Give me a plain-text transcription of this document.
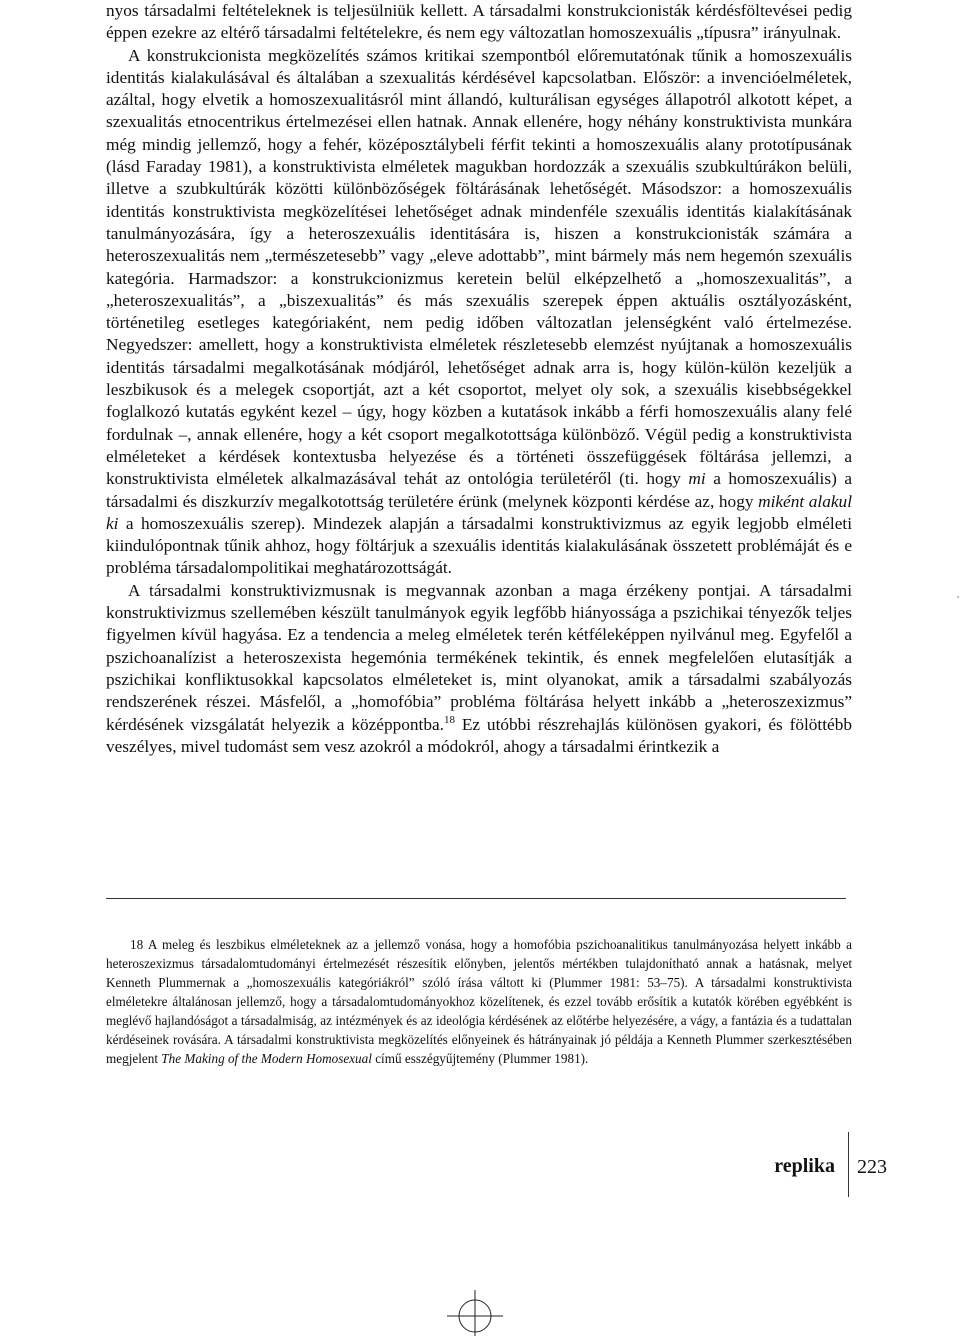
nyos társadalmi feltételeknek is teljesülniük kellett. A társadalmi konstrukcionisták kérdésföltevései pedig éppen ezekre az eltérő társadalmi feltételekre, és nem egy változatlan homoszexuális „típusra” irányulnak.

A konstrukcionista megközelítés számos kritikai szempontból előremutatónak tűnik a homoszexuális identitás kialakulásával és általában a szexualitás kérdésével kapcsolatban. Először: a invencióelméletek, azáltal, hogy elvetik a homoszexualitásról mint állandó, kulturálisan egységes állapotról alkotott képet, a szexualitás etnocentrikus értelmezései ellen hatnak. Annak ellenére, hogy néhány konstruktivista munkára még mindig jellemző, hogy a fehér, középosztálybeli férfit tekinti a homoszexuális alany prototípusának (lásd Faraday 1981), a konstruktivista elméletek magukban hordozzák a szexuális szubkultúrákon belüli, illetve a szubkultúrák közötti különbözőségek föltárásának lehetőségét. Másodszor: a homoszexuális identitás konstruktivista megközelítései lehetőséget adnak mindenféle szexuális identitás kialakításának tanulmányozására, így a heteroszexuális identitására is, hiszen a konstrukcionisták számára a heteroszexualitás nem „természetesebb” vagy „eleve adottabb”, mint bármely más nem hegemón szexuális kategória. Harmadszor: a konstrukcionizmus keretein belül elképzelhető a „homoszexualitás”, a „heteroszexualitás”, a „biszexualitás” és más szexuális szerepek éppen aktuális osztályozásként, történetileg esetleges kategóriaként, nem pedig időben változatlan jelenségként való értelmezése. Negyedszer: amellett, hogy a konstruktivista elméletek részletesebb elemzést nyújtanak a homoszexuális identitás társadalmi megalkotásának módjáról, lehetőséget adnak arra is, hogy külön-külön kezeljük a leszbikusok és a melegek csoportját, azt a két csoportot, melyet oly sok, a szexuális kisebbségekkel foglalkozó kutatás egyként kezel – úgy, hogy közben a kutatások inkább a férfi homoszexuális alany felé fordulnak –, annak ellenére, hogy a két csoport megalkotottsága különböző. Végül pedig a konstruktivista elméleteket a kérdések kontextusba helyezése és a történeti összefüggések föltárása jellemzi, a konstruktivista elméletek alkalmazásával tehát az ontológia területéről (ti. hogy mi a homoszexuális) a társadalmi és diszkurzív megalkotottság területére érünk (melynek központi kérdése az, hogy miként alakul ki a homoszexuális szerep). Mindezek alapján a társadalmi konstruktivizmus az egyik legjobb elméleti kiindulópontnak tűnik ahhoz, hogy föltárjuk a szexuális identitás kialakulásának összetett problémáját és e probléma társadalompolitikai meghatározottságát.

A társadalmi konstruktivizmusnak is megvannak azonban a maga érzékeny pontjai. A társadalmi konstruktivizmus szellemében készült tanulmányok egyik legfőbb hiányossága a pszichikai tényezők teljes figyelmen kívül hagyása. Ez a tendencia a meleg elméletek terén kétféleképpen nyilvánul meg. Egyfelől a pszichoanalízist a heteroszexista hegemónia termékének tekintik, és ennek megfelelően elutasítják a pszichikai konfliktusokkal kapcsolatos elméleteket is, mint olyanokat, amik a társadalmi szabályozás rendszerének részei. Másfelől, a „homofóbia” probléma föltárása helyett inkább a „heteroszexizmus” kérdésének vizsgálatát helyezik a középpontba.$^{18}$ Ez utóbbi részrehajlás különösen gyakori, és fölöttébb veszélyes, mivel tudomást sem vesz azokról a módokról, ahogy a társadalmi érintkezik a

18 A meleg és leszbikus elméleteknek az a jellemző vonása, hogy a homofóbia pszichoanalitikus tanulmányozása helyett inkább a heteroszexizmus társadalomtudományi értelmezését részesítik előnyben, jelentős mértékben tulajdonítható annak a hatásnak, melyet Kenneth Plummernak a „homoszexuális kategóriákról” szóló írása váltott ki (Plummer 1981: 53–75). A társadalmi konstruktivista elméletekre általánosan jellemző, hogy a társadalomtudományokhoz közelítenek, és ezzel tovább erősítik a kutatók körében egyébként is meglévő hajlandóságot a társadalmiság, az intézmények és az ideológia kérdésének az előtérbe helyezésére, a vágy, a fantázia és a tudattalan kérdéseinek rovására. A társadalmi konstruktivista megközelítés előnyeinek és hátrányainak jó példája a Kenneth Plummer szerkesztésében megjelent The Making of the Modern Homosexual című esszégyűjtemény (Plummer 1981).

replika 223
